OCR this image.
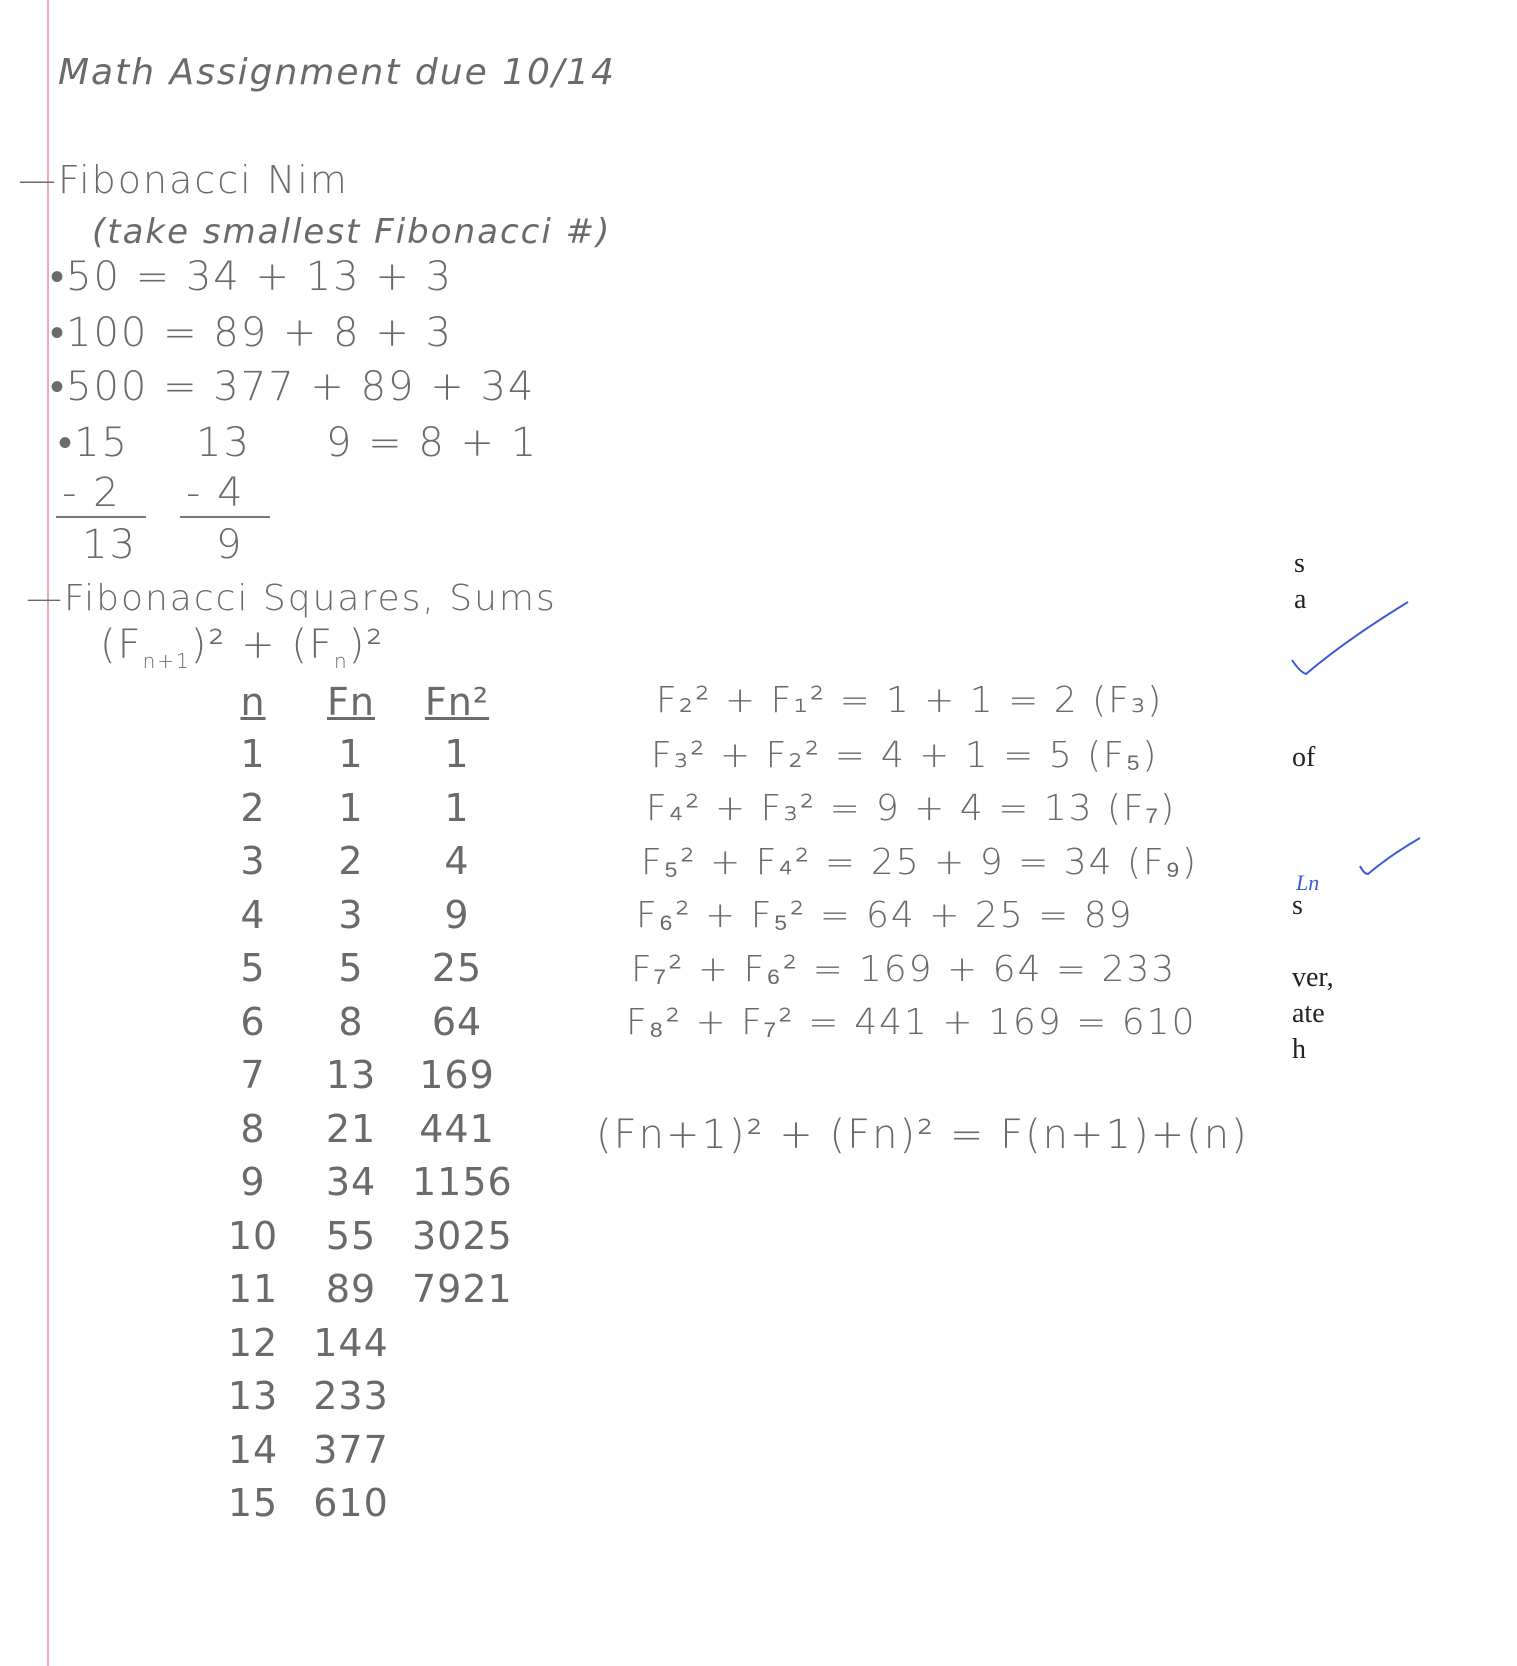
Math Assignment due 10/14
—Fibonacci Nim
(take smallest Fibonacci #)
•50 = 34 + 13 + 3
•100 = 89 + 8 + 3
•500 = 377 + 89 + 34
•15 13 9 = 8 + 1
- 2	- 4
13 9
—Fibonacci Squares, Sums
$(F_{n+1})^2 + (F_n)^2$
n	Fn	Fn²
1	1	1
2	1	1
3	2	4
4	3	9
5	5	25
6	8	64
7	13	169
8	21	441
9	34 1156
10	55 3025
11	89 7921
12 144
13 233
14 377
15 610
F₂² + F₁² = 1 + 1 = 2 (F₃)
F₃² + F₂² = 4 + 1 = 5 (F₅)
F₄² + F₃² = 9 + 4 = 13 (F₇)
F₅² + F₄² = 25 + 9 = 34 (F₉)
F₆² + F₅² = 64 + 25 = 89
F₇² + F₆² = 169 + 64 = 233
F₈² + F₇² = 441 + 169 = 610
(Fn+1)² + (Fn)² = F(n+1)+(n)
s
a
of
s
ver,
ate
h
Ln
